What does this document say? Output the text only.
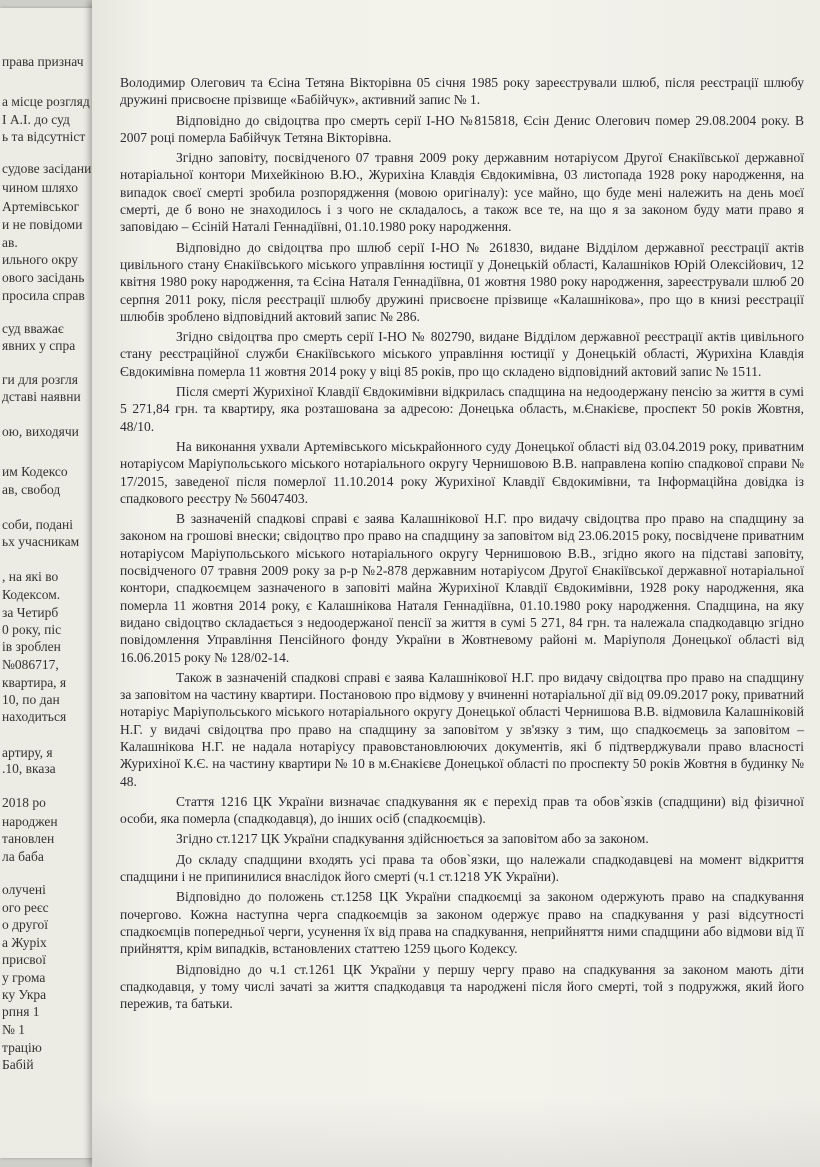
права признач
а місце розгляд
І А.І. до суд
ь та відсутніст
судове засідани
чином шляхо
Артемівськог
и не повідоми
ав.
ильного окру
ового засідань
просила справ
суд вважає
явних у спра
ги для розгля
дставі наявни
ою, виходячи
им Кодексо
ав, свобод
соби, подані
ьх учасникам
, на які во
Кодексом.
за Четирб
0 року, піс
ів зроблен
№086717,
квартира, я
10, по дан
находиться
артиру, я
.10, вказа
2018 ро
народжен
тановлен
ла баба
олучені
ого реєс
о другої
а Журіх
присвої
у грома
ку Укра
рпня 1
№ 1
трацію
Бабій

Володимир Олегович та Єсіна Тетяна Вікторівна 05 січня 1985 року зареєстрували шлюб, після реєстрації шлюбу дружині присвоєне прізвище «Бабійчук», активний запис № 1.

Відповідно до свідоцтва про смерть серії І-НО №815818, Єсін Денис Олегович помер 29.08.2004 року. В 2007 році померла Бабійчук Тетяна Вікторівна.

Згідно заповіту, посвідченого 07 травня 2009 року державним нотаріусом Другої Єнакіївської державної нотаріальної контори Михейкіною В.Ю., Журихіна Клавдія Євдокимівна, 03 листопада 1928 року народження, на випадок своєї смерті зробила розпорядження (мовою оригіналу): усе майно, що буде мені належить на день моєї смерті, де б воно не знаходилось і з чого не складалось, а також все те, на що я за законом буду мати право я заповідаю – Єсіній Наталі Геннадіївні, 01.10.1980 року народження.

Відповідно до свідоцтва про шлюб серії І-НО № 261830, видане Відділом державної реєстрації актів цивільного стану Єнакіївського міського управління юстиції у Донецькій області, Калашніков Юрій Олексійович, 12 квітня 1980 року народження, та Єсіна Наталя Геннадіївна, 01 жовтня 1980 року народження, зареєстрували шлюб 20 серпня 2011 року, після реєстрації шлюбу дружині присвоєне прізвище «Калашнікова», про що в книзі реєстрації шлюбів зроблено відповідний актовий запис № 286.

Згідно свідоцтва про смерть серії І-НО № 802790, видане Відділом державної реєстрації актів цивільного стану реєстраційної служби Єнакіївського міського управління юстиції у Донецькій області, Журихіна Клавдія Євдокимівна померла 11 жовтня 2014 року у віці 85 років, про що складено відповідний актовий запис № 1511.

Після смерті Журихіної Клавдії Євдокимівни відкрилась спадщина на недоодержану пенсію за життя в сумі 5 271,84 грн. та квартиру, яка розташована за адресою: Донецька область, м.Єнакієве, проспект 50 років Жовтня, 48/10.

На виконання ухвали Артемівського міськрайонного суду Донецької області від 03.04.2019 року, приватним нотаріусом Маріупольського міського нотаріального округу Чернишовою В.В. направлена копію спадкової справи № 17/2015, заведеної після померлої 11.10.2014 року Журихіної Клавдії Євдокимівни, та Інформаційна довідка із спадкового реєстру № 56047403.

В зазначеній спадкові справі є заява Калашнікової Н.Г. про видачу свідоцтва про право на спадщину за законом на грошові внески; свідоцтво про право на спадщину за заповітом від 23.06.2015 року, посвідчене приватним нотаріусом Маріупольського міського нотаріального округу Чернишовою В.В., згідно якого на підставі заповіту, посвідченого 07 травня 2009 року за р-р №2-878 державним нотаріусом Другої Єнакіївської державної нотаріальної контори, спадкоємцем зазначеного в заповіті майна Журихіної Клавдії Євдокимівни, 1928 року народження, яка померла 11 жовтня 2014 року, є Калашнікова Наталя Геннадіївна, 01.10.1980 року народження. Спадщина, на яку видано свідоцтво складається з недоодержаної пенсії за життя в сумі 5 271, 84 грн. та належала спадкодавцю згідно повідомлення Управління Пенсійного фонду України в Жовтневому районі м. Маріуполя Донецької області від 16.06.2015 року № 128/02-14.

Також в зазначеній спадкові справі є заява Калашнікової Н.Г. про видачу свідоцтва про право на спадщину за заповітом на частину квартири. Постановою про відмову у вчиненні нотаріальної дії від 09.09.2017 року, приватний нотаріус Маріупольського міського нотаріального округу Донецької області Чернишова В.В. відмовила Калашніковій Н.Г. у видачі свідоцтва про право на спадщину за заповітом у зв'язку з тим, що спадкоємець за заповітом – Калашнікова Н.Г. не надала нотаріусу правовстановлюючих документів, які б підтверджували право власності Журихіної К.Є. на частину квартири № 10 в м.Єнакієве Донецької області по проспекту 50 років Жовтня в будинку № 48.

Стаття 1216 ЦК України визначає спадкування як є перехід прав та обов`язків (спадщини) від фізичної особи, яка померла (спадкодавця), до інших осіб (спадкоємців).

Згідно ст.1217 ЦК України спадкування здійснюється за заповітом або за законом.

До складу спадщини входять усі права та обов`язки, що належали спадкодавцеві на момент відкриття спадщини і не припинилися внаслідок його смерті (ч.1 ст.1218 УК України).

Відповідно до положень ст.1258 ЦК України спадкоємці за законом одержують право на спадкування почергово. Кожна наступна черга спадкоємців за законом одержує право на спадкування у разі відсутності спадкоємців попередньої черги, усунення їх від права на спадкування, неприйняття ними спадщини або відмови від її прийняття, крім випадків, встановлених статтею 1259 цього Кодексу.

Відповідно до ч.1 ст.1261 ЦК України у першу чергу право на спадкування за законом мають діти спадкодавця, у тому числі зачаті за життя спадкодавця та народжені після його смерті, той з подружжя, який його пережив, та батьки.
